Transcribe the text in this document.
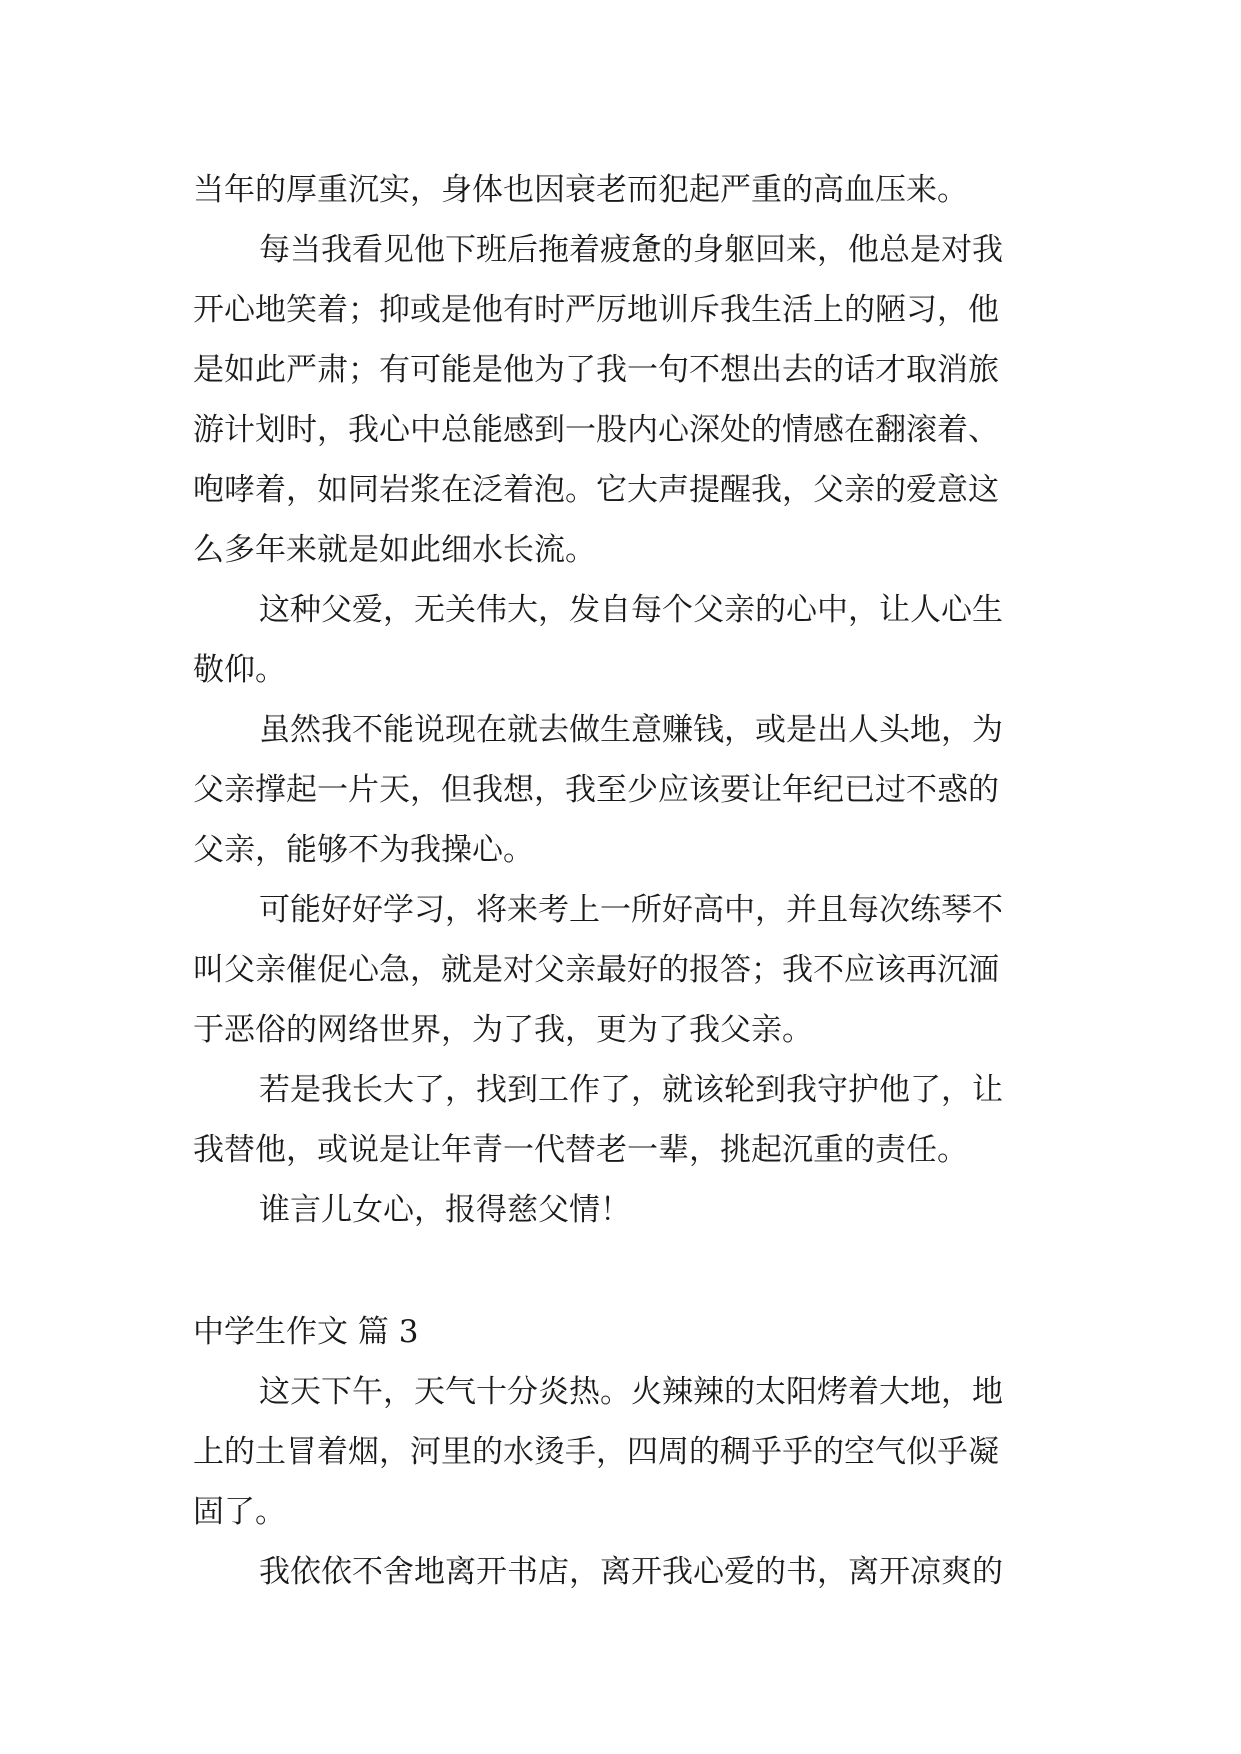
当年的厚重沉实，身体也因衰老而犯起严重的高血压来。
每当我看见他下班后拖着疲惫的身躯回来，他总是对我
开心地笑着；抑或是他有时严厉地训斥我生活上的陋习，他
是如此严肃；有可能是他为了我一句不想出去的话才取消旅
游计划时，我心中总能感到一股内心深处的情感在翻滚着、
咆哮着，如同岩浆在泛着泡。它大声提醒我，父亲的爱意这
么多年来就是如此细水长流。
这种父爱，无关伟大，发自每个父亲的心中，让人心生
敬仰。
虽然我不能说现在就去做生意赚钱，或是出人头地，为
父亲撑起一片天，但我想，我至少应该要让年纪已过不惑的
父亲，能够不为我操心。
可能好好学习，将来考上一所好高中，并且每次练琴不
叫父亲催促心急，就是对父亲最好的报答；我不应该再沉湎
于恶俗的网络世界，为了我，更为了我父亲。
若是我长大了，找到工作了，就该轮到我守护他了，让
我替他，或说是让年青一代替老一辈，挑起沉重的责任。
谁言儿女心，报得慈父情！
中学生作文 篇 3
这天下午，天气十分炎热。火辣辣的太阳烤着大地，地
上的土冒着烟，河里的水烫手，四周的稠乎乎的空气似乎凝
固了。
我依依不舍地离开书店，离开我心爱的书，离开凉爽的
